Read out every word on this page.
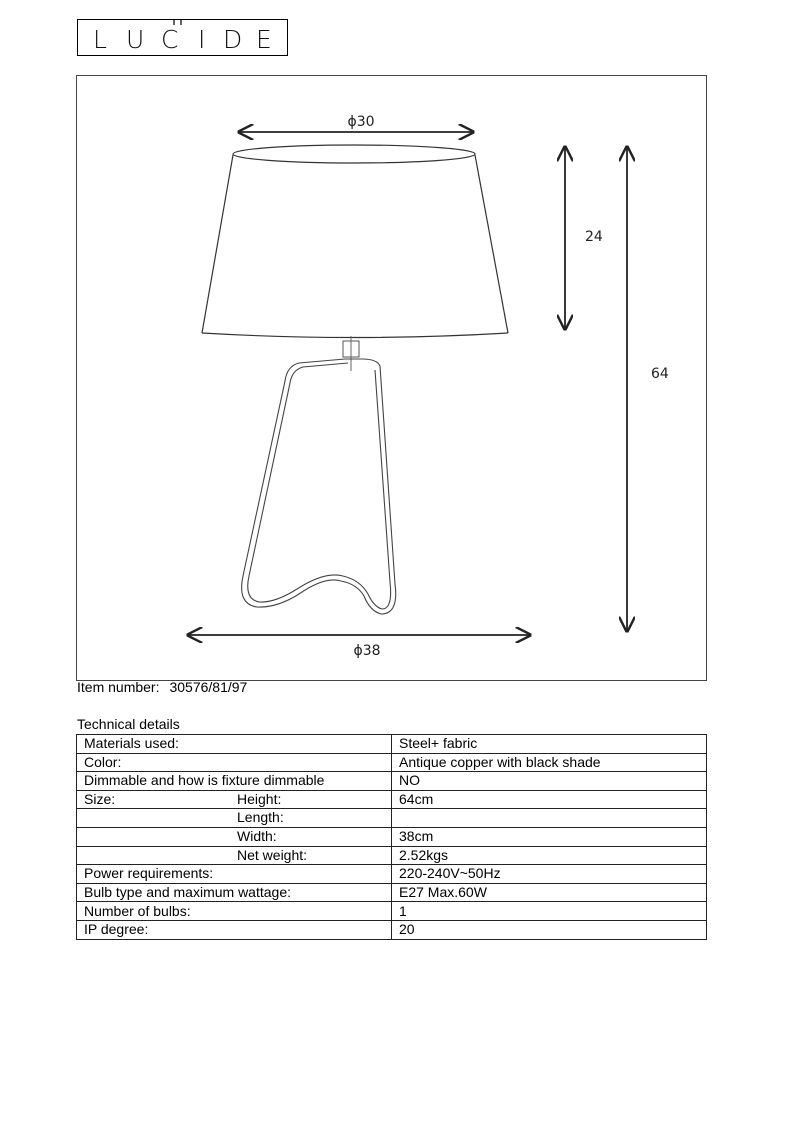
L U C I D E
ϕ30
24
64
ϕ38
Item number: 30576/81/97
Technical details
Materials used:	Steel+ fabric
Color:	Antique copper with black shade
Dimmable and how is fixture dimmable	NO
Size: Height:	64cm

Length:	

Width:	38cm

Net weight:	2.52kgs
Power requirements:	220-240V~50Hz
Bulb type and maximum wattage:	E27 Max.60W
Number of bulbs:	1
IP degree:	20
